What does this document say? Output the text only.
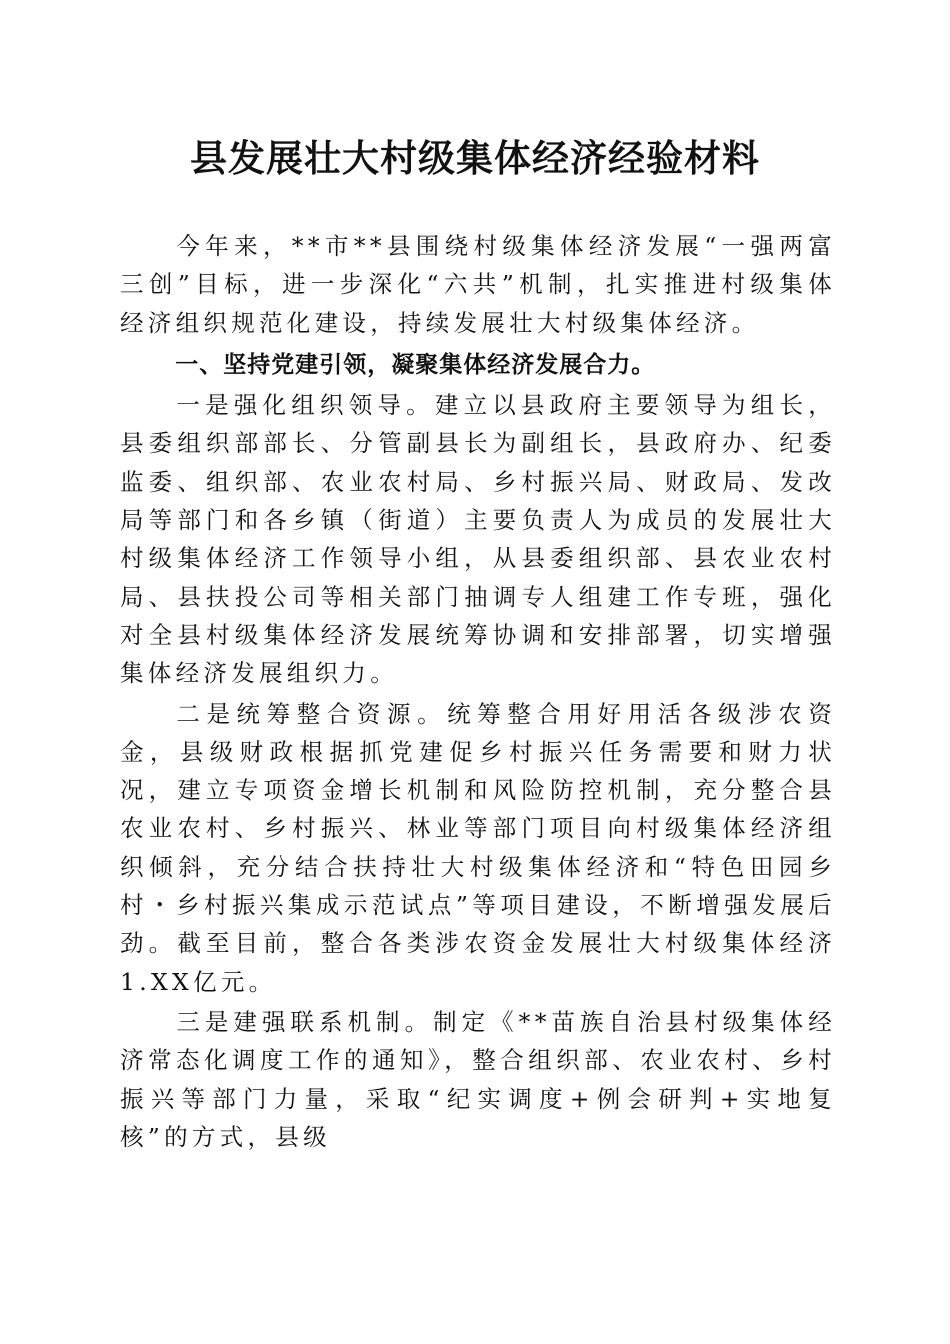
县发展壮大村级集体经济经验材料

今年来，**市**县围绕村级集体经济发展“一强两富三创”目标，进一步深化“六共”机制，扎实推进村级集体经济组织规范化建设，持续发展壮大村级集体经济。

一、坚持党建引领，凝聚集体经济发展合力。

一是强化组织领导。建立以县政府主要领导为组长，县委组织部部长、分管副县长为副组长，县政府办、纪委监委、组织部、农业农村局、乡村振兴局、财政局、发改局等部门和各乡镇（街道）主要负责人为成员的发展壮大村级集体经济工作领导小组，从县委组织部、县农业农村局、县扶投公司等相关部门抽调专人组建工作专班，强化对全县村级集体经济发展统筹协调和安排部署，切实增强集体经济发展组织力。

二是统筹整合资源。统筹整合用好用活各级涉农资金，县级财政根据抓党建促乡村振兴任务需要和财力状况，建立专项资金增长机制和风险防控机制，充分整合县农业农村、乡村振兴、林业等部门项目向村级集体经济组织倾斜，充分结合扶持壮大村级集体经济和“特色田园乡村・乡村振兴集成示范试点”等项目建设，不断增强发展后劲。截至目前，整合各类涉农资金发展壮大村级集体经济1.XX亿元。

三是建强联系机制。制定《**苗族自治县村级集体经济常态化调度工作的通知》，整合组织部、农业农村、乡村振兴等部门力量，采取“纪实调度+例会研判+实地复核”的方式，县级
